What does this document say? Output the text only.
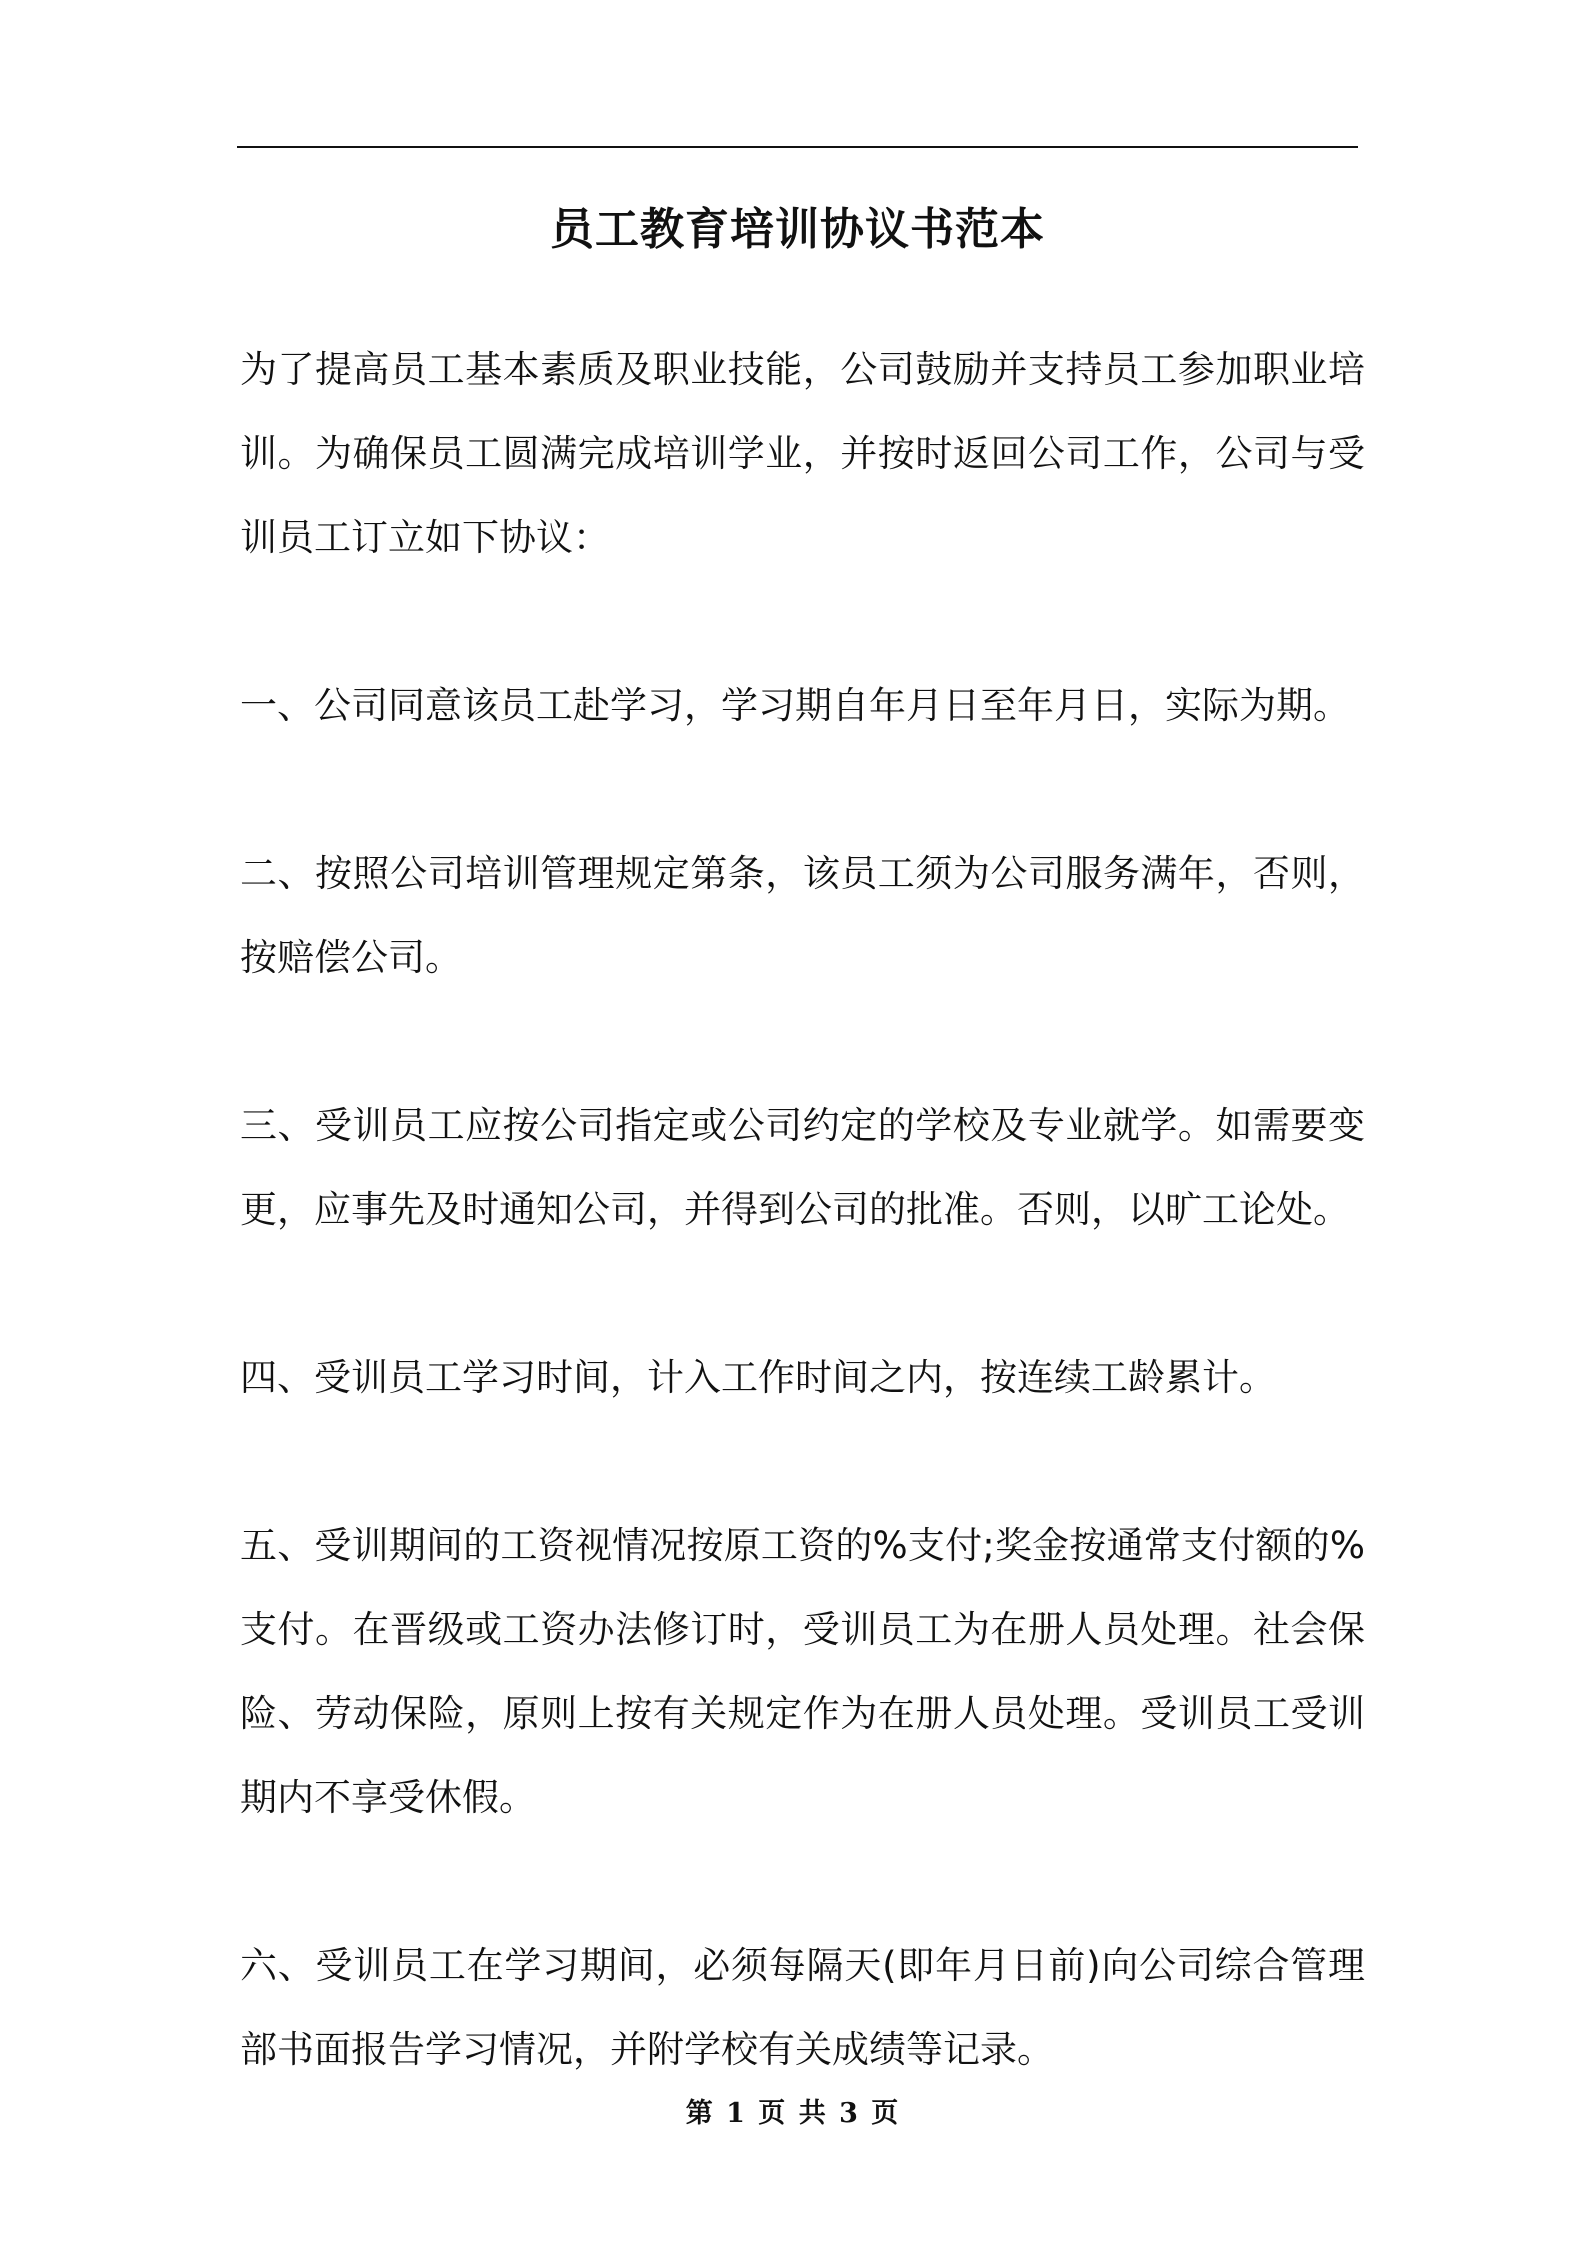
员工教育培训协议书范本

为了提高员工基本素质及职业技能，公司鼓励并支持员工参加职业培训。为确保员工圆满完成培训学业，并按时返回公司工作，公司与受训员工订立如下协议：

一、公司同意该员工赴学习，学习期自年月日至年月日，实际为期。

二、按照公司培训管理规定第条，该员工须为公司服务满年，否则，按赔偿公司。

三、受训员工应按公司指定或公司约定的学校及专业就学。如需要变更，应事先及时通知公司，并得到公司的批准。否则，以旷工论处。

四、受训员工学习时间，计入工作时间之内，按连续工龄累计。

五、受训期间的工资视情况按原工资的%支付;奖金按通常支付额的%支付。在晋级或工资办法修订时，受训员工为在册人员处理。社会保险、劳动保险，原则上按有关规定作为在册人员处理。受训员工受训期内不享受休假。

六、受训员工在学习期间，必须每隔天(即年月日前)向公司综合管理部书面报告学习情况，并附学校有关成绩等记录。

第 1 页 共 3 页
